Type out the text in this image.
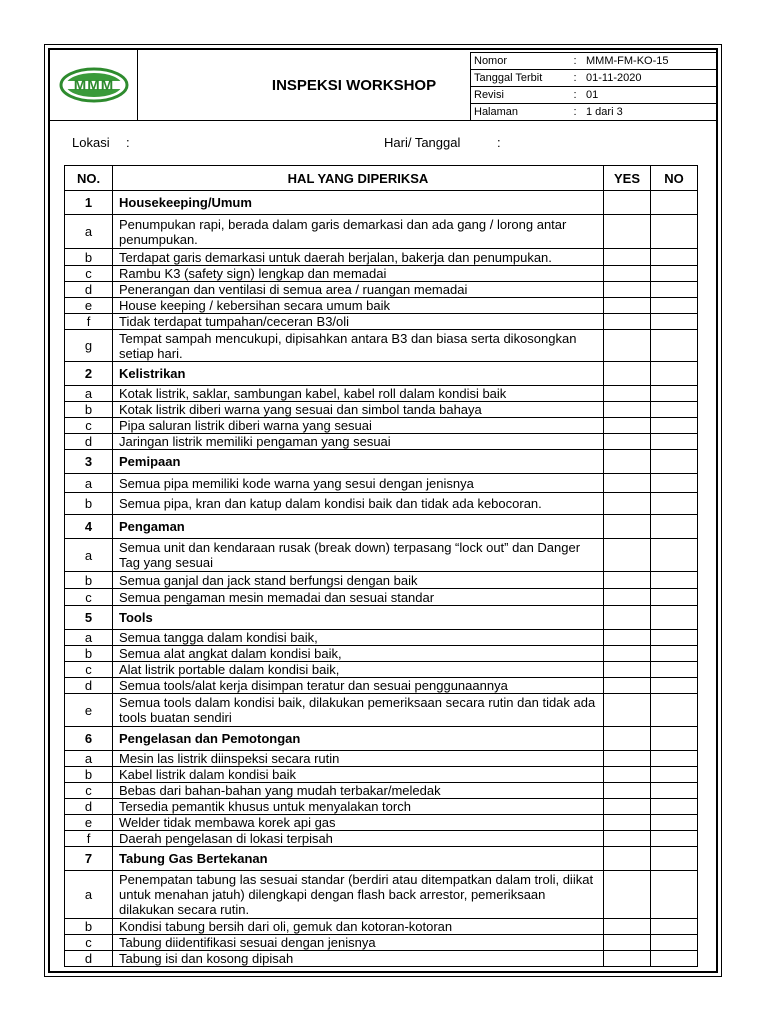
MMM	INSPEKSI WORKSHOP
Nomor	:	MMM-FM-KO-15
Tanggal Terbit	:	01-11-2020
Revisi	:	01
Halaman	:	1 dari 3
Lokasi :	Hari/ Tanggal	:
NO.	HAL YANG DIPERIKSA	YES	NO
1	Housekeeping/Umum		
a	Penumpukan rapi, berada dalam garis demarkasi dan ada gang / lorong antar penumpukan.		
b	Terdapat garis demarkasi untuk daerah berjalan, bakerja dan penumpukan.		
c	Rambu K3 (safety sign) lengkap dan memadai		
d	Penerangan dan ventilasi di semua area / ruangan memadai		
e	House keeping / kebersihan secara umum baik		
f	Tidak terdapat tumpahan/ceceran B3/oli		
g	Tempat sampah mencukupi, dipisahkan antara B3 dan biasa serta dikosongkan setiap hari.		
2	Kelistrikan		
a	Kotak listrik, saklar, sambungan kabel, kabel roll dalam kondisi baik		
b	Kotak listrik diberi warna yang sesuai dan simbol tanda bahaya		
c	Pipa saluran listrik diberi warna yang sesuai		
d	Jaringan listrik memiliki pengaman yang sesuai		
3	Pemipaan		
a	Semua pipa memiliki kode warna yang sesui dengan jenisnya		
b	Semua pipa, kran dan katup dalam kondisi baik dan tidak ada kebocoran.		
4	Pengaman		
a	Semua unit dan kendaraan rusak (break down) terpasang “lock out” dan Danger Tag yang sesuai		
b	Semua ganjal dan jack stand berfungsi dengan baik		
c	Semua pengaman mesin memadai dan sesuai standar		
5	Tools		
a	Semua tangga dalam kondisi baik,		
b	Semua alat angkat dalam kondisi baik,		
c	Alat listrik portable dalam kondisi baik,		
d	Semua tools/alat kerja disimpan teratur dan sesuai penggunaannya		
e	Semua tools dalam kondisi baik, dilakukan pemeriksaan secara rutin dan tidak ada tools buatan sendiri		
6	Pengelasan dan Pemotongan		
a	Mesin las listrik diinspeksi secara rutin		
b	Kabel listrik dalam kondisi baik		
c	Bebas dari bahan-bahan yang mudah terbakar/meledak		
d	Tersedia pemantik khusus untuk menyalakan torch		
e	Welder tidak membawa korek api gas		
f	Daerah pengelasan di lokasi terpisah		
7	Tabung Gas Bertekanan		
a	Penempatan tabung las sesuai standar (berdiri atau ditempatkan dalam troli, diikat untuk menahan jatuh) dilengkapi dengan flash back arrestor, pemeriksaan dilakukan secara rutin.		
b	Kondisi tabung bersih dari oli, gemuk dan kotoran-kotoran		
c	Tabung diidentifikasi sesuai dengan jenisnya		
d	Tabung isi dan kosong dipisah		
